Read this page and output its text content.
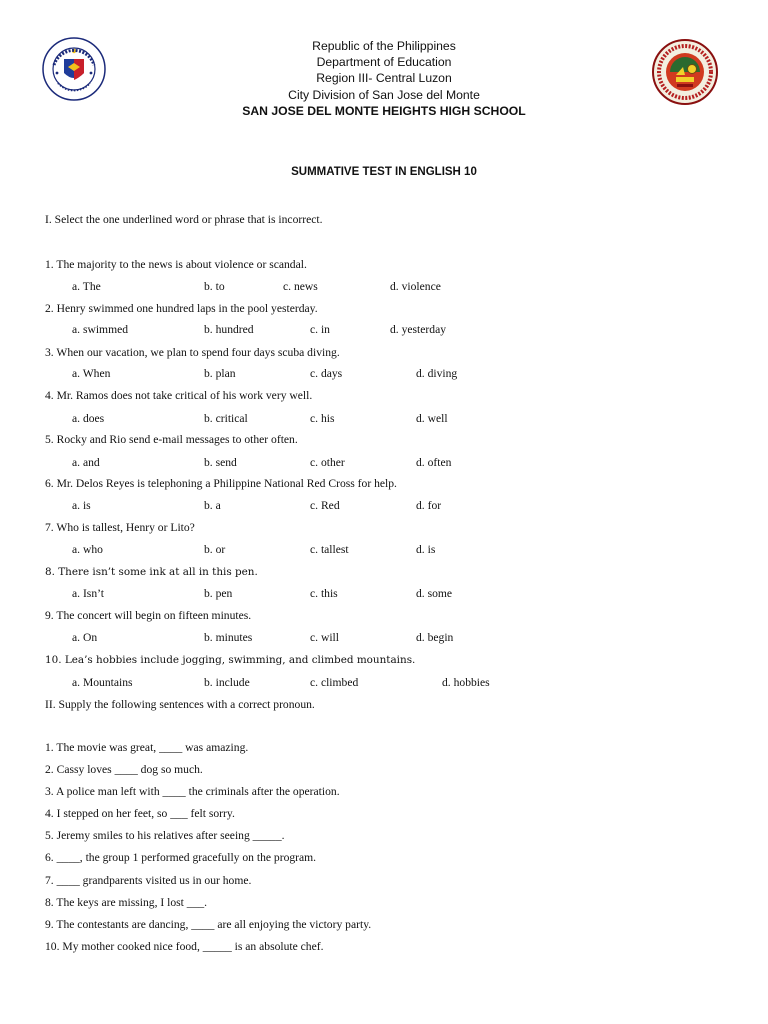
Republic of the Philippines
Department of Education
Region III- Central Luzon
City Division of San Jose del Monte
SAN JOSE DEL MONTE HEIGHTS HIGH SCHOOL
SUMMATIVE TEST IN ENGLISH 10
I. Select the one underlined word or phrase that is incorrect.
1. The majority to the news is about violence or scandal.
a. The	b. to	c. news	d. violence
2. Henry swimmed one hundred laps in the pool yesterday.
a. swimmed	b. hundred	c. in	d. yesterday
3. When our vacation, we plan to spend four days scuba diving.
a. When	b. plan	c. days	d. diving
4. Mr. Ramos does not take critical of his work very well.
a. does	b. critical	c. his	d. well
5. Rocky and Rio send e-mail messages to other often.
a. and	b. send	c. other	d. often
6. Mr. Delos Reyes is telephoning a Philippine National Red Cross for help.
a. is	b. a	c. Red	d. for
7. Who is tallest, Henry or Lito?
a. who	b. or	c. tallest	d. is
8. There isn’t some ink at all in this pen.
a. Isn’t	b. pen	c. this	d. some
9. The concert will begin on fifteen minutes.
a. On	b. minutes	c. will	d. begin
10. Lea’s hobbies include jogging, swimming, and climbed mountains.
a. Mountains	b. include	c. climbed	d. hobbies
II. Supply the following sentences with a correct pronoun.
1. The movie was great, ____ was amazing.
2. Cassy loves ____ dog so much.
3. A police man left with ____ the criminals after the operation.
4. I stepped on her feet, so ___ felt sorry.
5. Jeremy smiles to his relatives after seeing _____.
6. ____, the group 1 performed gracefully on the program.
7. ____ grandparents visited us in our home.
8. The keys are missing, I lost ___.
9. The contestants are dancing, ____ are all enjoying the victory party.
10. My mother cooked nice food, _____ is an absolute chef.
